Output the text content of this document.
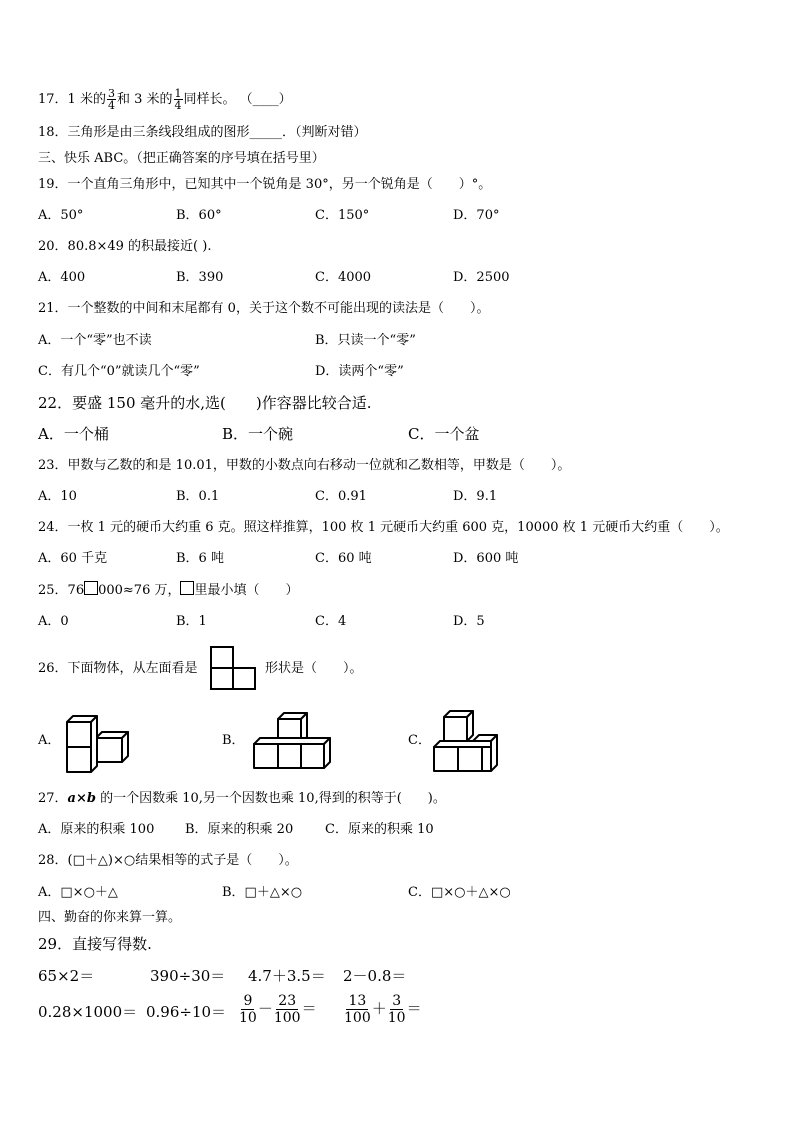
17．1 米的 $\frac{3}{4}$ 和 3 米的 $\frac{1}{4}$ 同样长。 （____）
18．三角形是由三条线段组成的图形_____．（判断对错）
三、快乐 ABC。（把正确答案的序号填在括号里）
19．一个直角三角形中，已知其中一个锐角是 30°，另一个锐角是（　　）°。
A．50°	B．60°	C．150°	D．70°
20．80.8×49 的积最接近( ).
A．400	B．390	C．4000	D．2500
21．一个整数的中间和末尾都有 0，关于这个数不可能出现的读法是（　　）。
A．一个“零”也不读	B．只读一个“零”
C．有几个“0”就读几个“零”	D．读两个“零”
22．要盛 150 毫升的水,选(　　)作容器比较合适.
A．一个桶	B．一个碗	C．一个盆
23．甲数与乙数的和是 10.01，甲数的小数点向右移动一位就和乙数相等，甲数是（　　）。
A．10	B．0.1	C．0.91	D．9.1
24．一枚 1 元的硬币大约重 6 克。照这样推算，100 枚 1 元硬币大约重 600 克，10000 枚 1 元硬币大约重（　　）。
A．60 千克	B．6 吨	C．60 吨	D．600 吨
25．76 000≈76 万， 里最小填（　　）
A．0	B．1	C．4	D．5
26．下面物体，从左面看是	形状是（　　）。
A．	B．	C．
27．a×b 的一个因数乘 10,另一个因数也乘 10,得到的积等于(　　)。
A．原来的积乘 100 B．原来的积乘 20 C．原来的积乘 10
28．(□＋△)×○结果相等的式子是（　　）。
A．□×○＋△	B．□＋△×○	C．□×○＋△×○
四、勤奋的你来算一算。
29．直接写得数.
65×2＝	390÷30＝ 4.7＋3.5＝ 2－0.8＝
$0.28\times 1000= 0.96\div 10= \frac{9}{10} - \frac{23}{100} = \frac{13}{100} + \frac{3}{10}$ ＝
